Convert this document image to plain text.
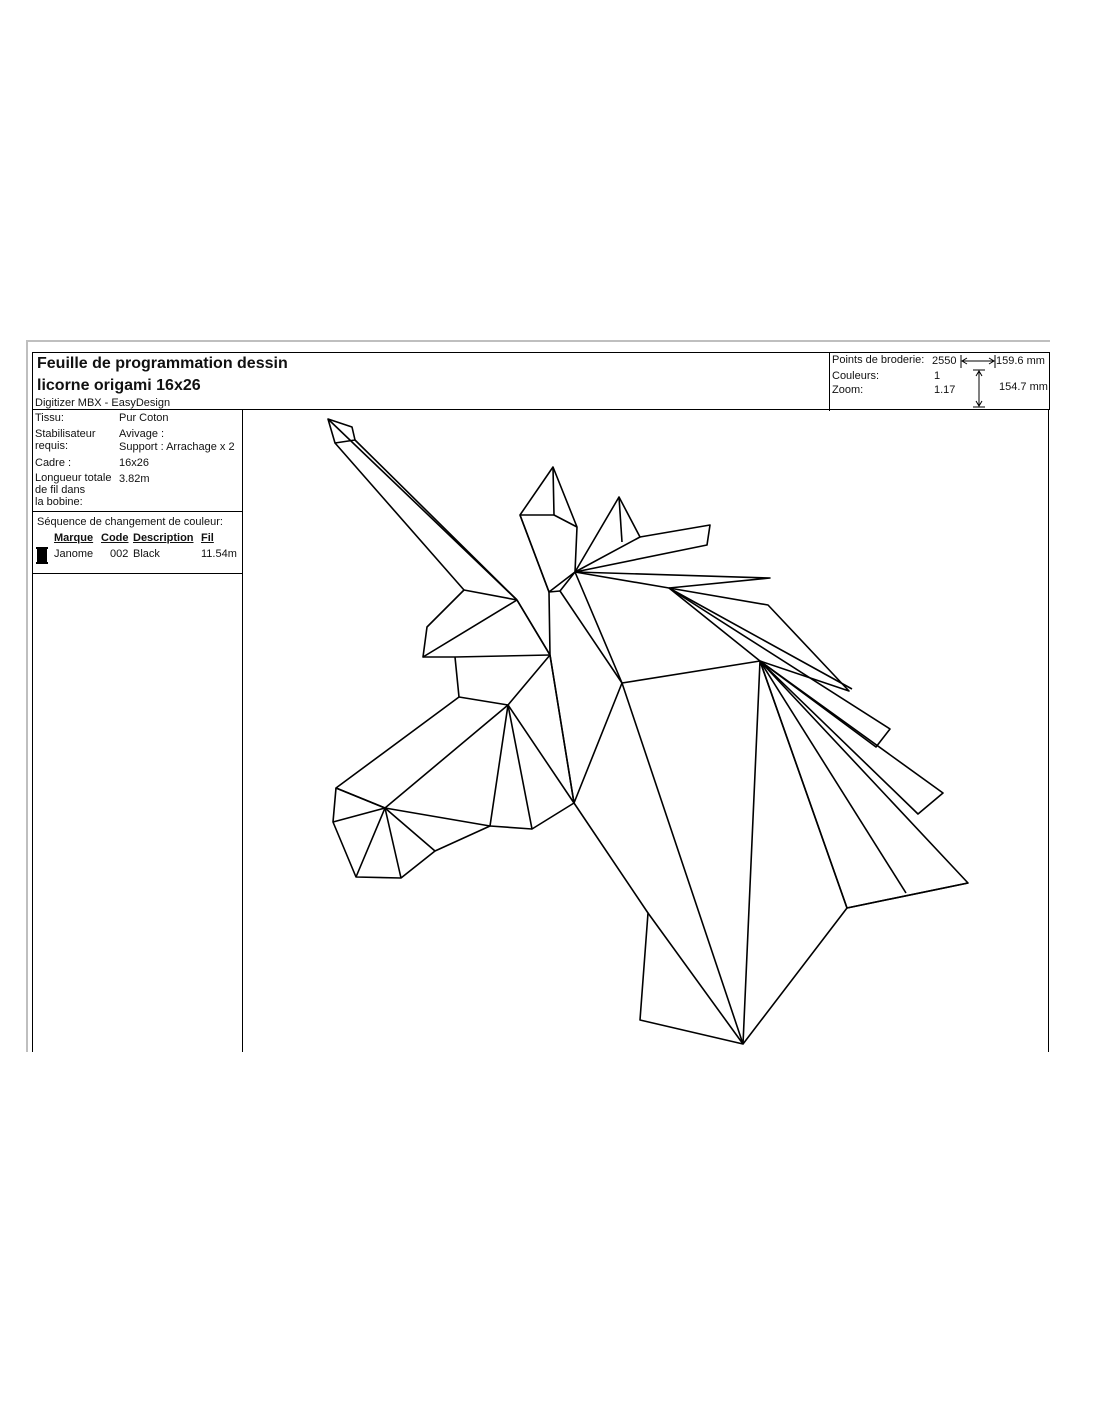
Feuille de programmation dessin
licorne origami 16x26
Digitizer MBX - EasyDesign
Points de broderie: 2550
Couleurs:	1
Zoom:	1.17
159.6 mm
154.7 mm
Tissu:	Pur Coton
Stabilisateur
requis:
Avivage :
Support : Arrachage x 2
Cadre :	16x26
Longueur totale
de fil dans
la bobine:
3.82m
Séquence de changement de couleur:
Marque Code Description Fil
Janome 002 Black	11.54m
